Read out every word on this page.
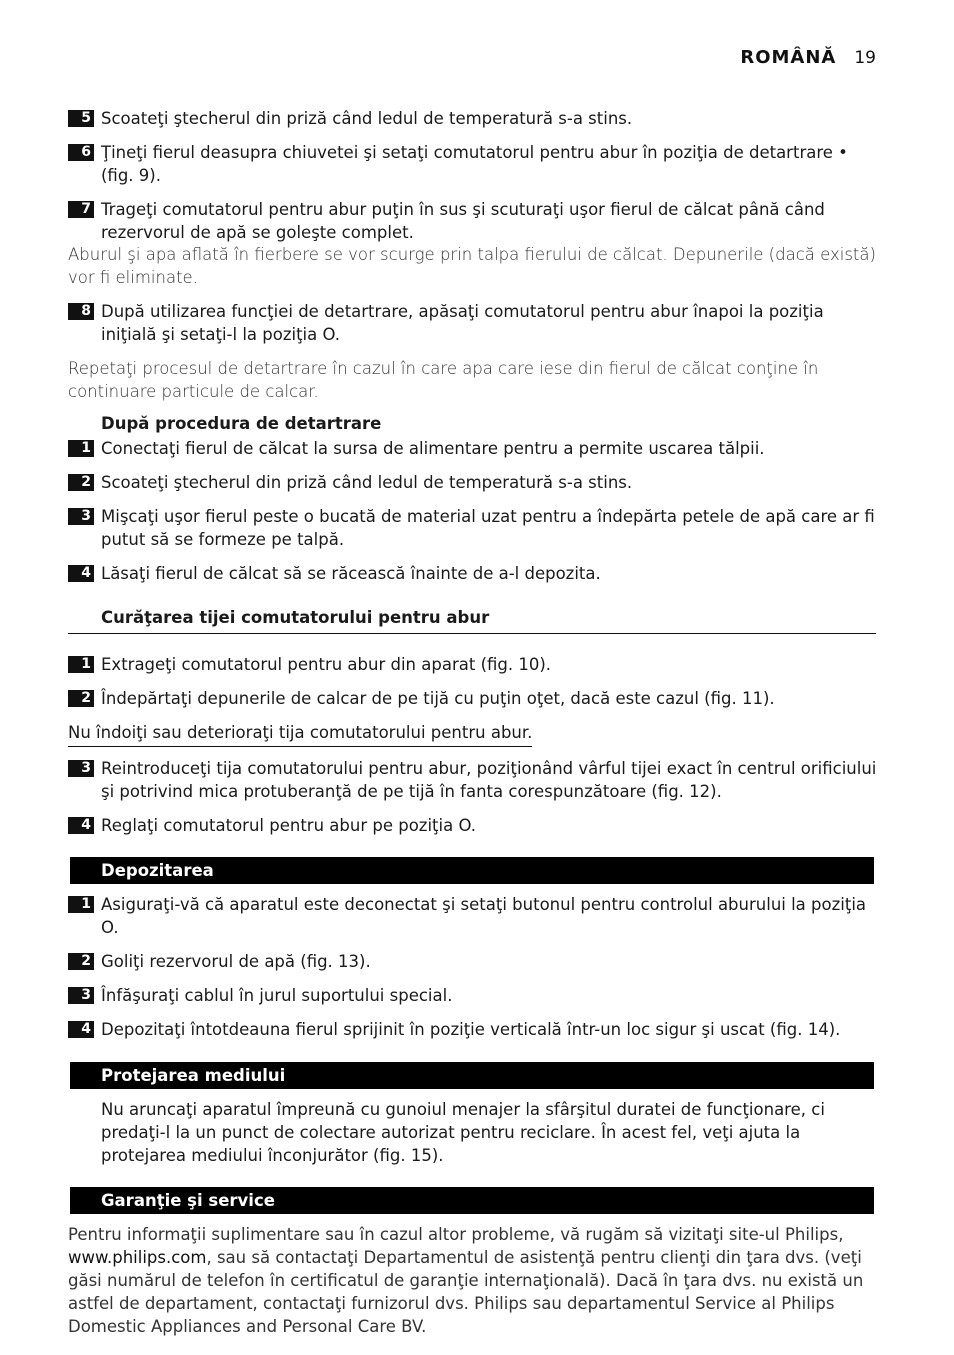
ROMÂNĂ 19
5 Scoateţi ştecherul din priză când ledul de temperatură s-a stins.
6 Ţineţi fierul deasupra chiuvetei şi setaţi comutatorul pentru abur în poziţia de detartrare • (fig. 9).
7 Trageţi comutatorul pentru abur puţin în sus şi scuturaţi uşor fierul de călcat până când rezervorul de apă se goleşte complet.
Aburul şi apa aflată în fierbere se vor scurge prin talpa fierului de călcat. Depunerile (dacă există) vor fi eliminate.
8 După utilizarea funcţiei de detartrare, apăsaţi comutatorul pentru abur înapoi la poziţia iniţială şi setaţi-l la poziţia O.
Repetaţi procesul de detartrare în cazul în care apa care iese din fierul de călcat conţine în continuare particule de calcar.
După procedura de detartrare
1 Conectaţi fierul de călcat la sursa de alimentare pentru a permite uscarea tălpii.
2 Scoateţi ştecherul din priză când ledul de temperatură s-a stins.
3 Mişcaţi uşor fierul peste o bucată de material uzat pentru a îndepărta petele de apă care ar fi putut să se formeze pe talpă.
4 Lăsaţi fierul de călcat să se răcească înainte de a-l depozita.
Curăţarea tijei comutatorului pentru abur
1 Extrageţi comutatorul pentru abur din aparat (fig. 10).
2 Îndepărtaţi depunerile de calcar de pe tijă cu puţin oţet, dacă este cazul (fig. 11).
Nu îndoiţi sau deterioraţi tija comutatorului pentru abur.
3 Reintroduceţi tija comutatorului pentru abur, poziţionând vârful tijei exact în centrul orificiului şi potrivind mica protuberanţă de pe tijă în fanta corespunzătoare (fig. 12).
4 Reglaţi comutatorul pentru abur pe poziţia O.
Depozitarea
1 Asiguraţi-vă că aparatul este deconectat şi setaţi butonul pentru controlul aburului la poziţia O.
2 Goliţi rezervorul de apă (fig. 13).
3 Înfăşuraţi cablul în jurul suportului special.
4 Depozitaţi întotdeauna fierul sprijinit în poziţie verticală într-un loc sigur şi uscat (fig. 14).
Protejarea mediului
Nu aruncaţi aparatul împreună cu gunoiul menajer la sfârşitul duratei de funcţionare, ci predaţi-l la un punct de colectare autorizat pentru reciclare. În acest fel, veţi ajuta la protejarea mediului înconjurător (fig. 15).
Garanţie şi service
Pentru informaţii suplimentare sau în cazul altor probleme, vă rugăm să vizitaţi site-ul Philips, www.philips.com, sau să contactaţi Departamentul de asistenţă pentru clienţi din ţara dvs. (veţi găsi numărul de telefon în certificatul de garanţie internaţională). Dacă în ţara dvs. nu există un astfel de departament, contactaţi furnizorul dvs. Philips sau departamentul Service al Philips Domestic Appliances and Personal Care BV.
